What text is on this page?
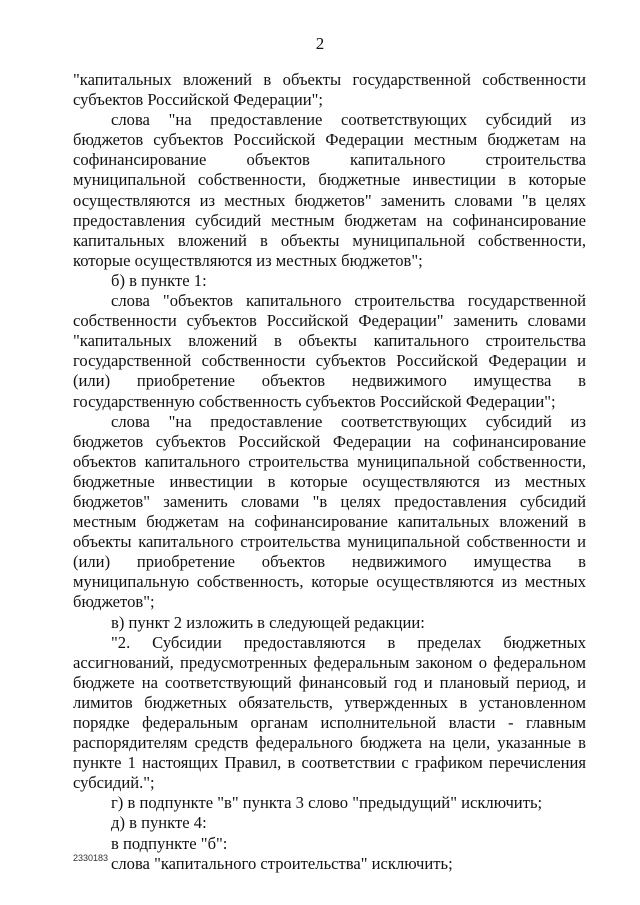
2

"капитальных вложений в объекты государственной собственности субъектов Российской Федерации";

слова "на предоставление соответствующих субсидий из бюджетов субъектов Российской Федерации местным бюджетам на софинансирование объектов капитального строительства муниципальной собственности, бюджетные инвестиции в которые осуществляются из местных бюджетов" заменить словами "в целях предоставления субсидий местным бюджетам на софинансирование капитальных вложений в объекты муниципальной собственности, которые осуществляются из местных бюджетов";

б) в пункте 1:

слова "объектов капитального строительства государственной собственности субъектов Российской Федерации" заменить словами "капитальных вложений в объекты капитального строительства государственной собственности субъектов Российской Федерации и (или) приобретение объектов недвижимого имущества в государственную собственность субъектов Российской Федерации";

слова "на предоставление соответствующих субсидий из бюджетов субъектов Российской Федерации на софинансирование объектов капитального строительства муниципальной собственности, бюджетные инвестиции в которые осуществляются из местных бюджетов" заменить словами "в целях предоставления субсидий местным бюджетам на софинансирование капитальных вложений в объекты капитального строительства муниципальной собственности и (или) приобретение объектов недвижимого имущества в муниципальную собственность, которые осуществляются из местных бюджетов";

в) пункт 2 изложить в следующей редакции:

"2. Субсидии предоставляются в пределах бюджетных ассигнований, предусмотренных федеральным законом о федеральном бюджете на соответствующий финансовый год и плановый период, и лимитов бюджетных обязательств, утвержденных в установленном порядке федеральным органам исполнительной власти - главным распорядителям средств федерального бюджета на цели, указанные в пункте 1 настоящих Правил, в соответствии с графиком перечисления субсидий.";

г) в подпункте "в" пункта 3 слово "предыдущий" исключить;

д) в пункте 4:

в подпункте "б":

слова "капитального строительства" исключить;

2330183
